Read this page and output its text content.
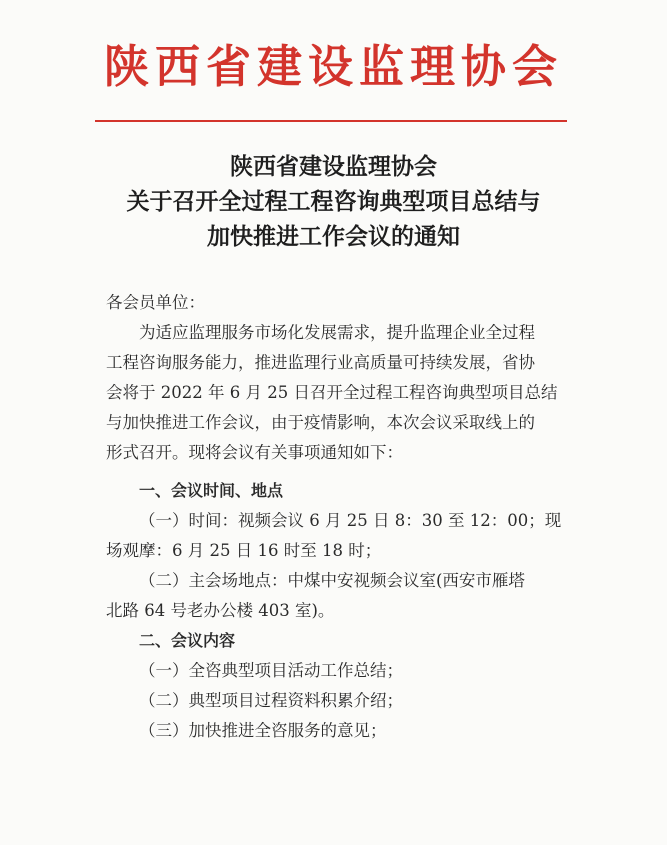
陕西省建设监理协会
陕西省建设监理协会
关于召开全过程工程咨询典型项目总结与
加快推进工作会议的通知
各会员单位：
为适应监理服务市场化发展需求，提升监理企业全过程
工程咨询服务能力，推进监理行业高质量可持续发展，省协
会将于 2022 年 6 月 25 日召开全过程工程咨询典型项目总结
与加快推进工作会议，由于疫情影响，本次会议采取线上的
形式召开。现将会议有关事项通知如下：
一、会议时间、地点
（一）时间：视频会议 6 月 25 日 8：30 至 12：00；现
场观摩：6 月 25 日 16 时至 18 时；
（二）主会场地点：中煤中安视频会议室(西安市雁塔
北路 64 号老办公楼 403 室)。
二、会议内容
（一）全咨典型项目活动工作总结；
（二）典型项目过程资料积累介绍；
（三）加快推进全咨服务的意见；
